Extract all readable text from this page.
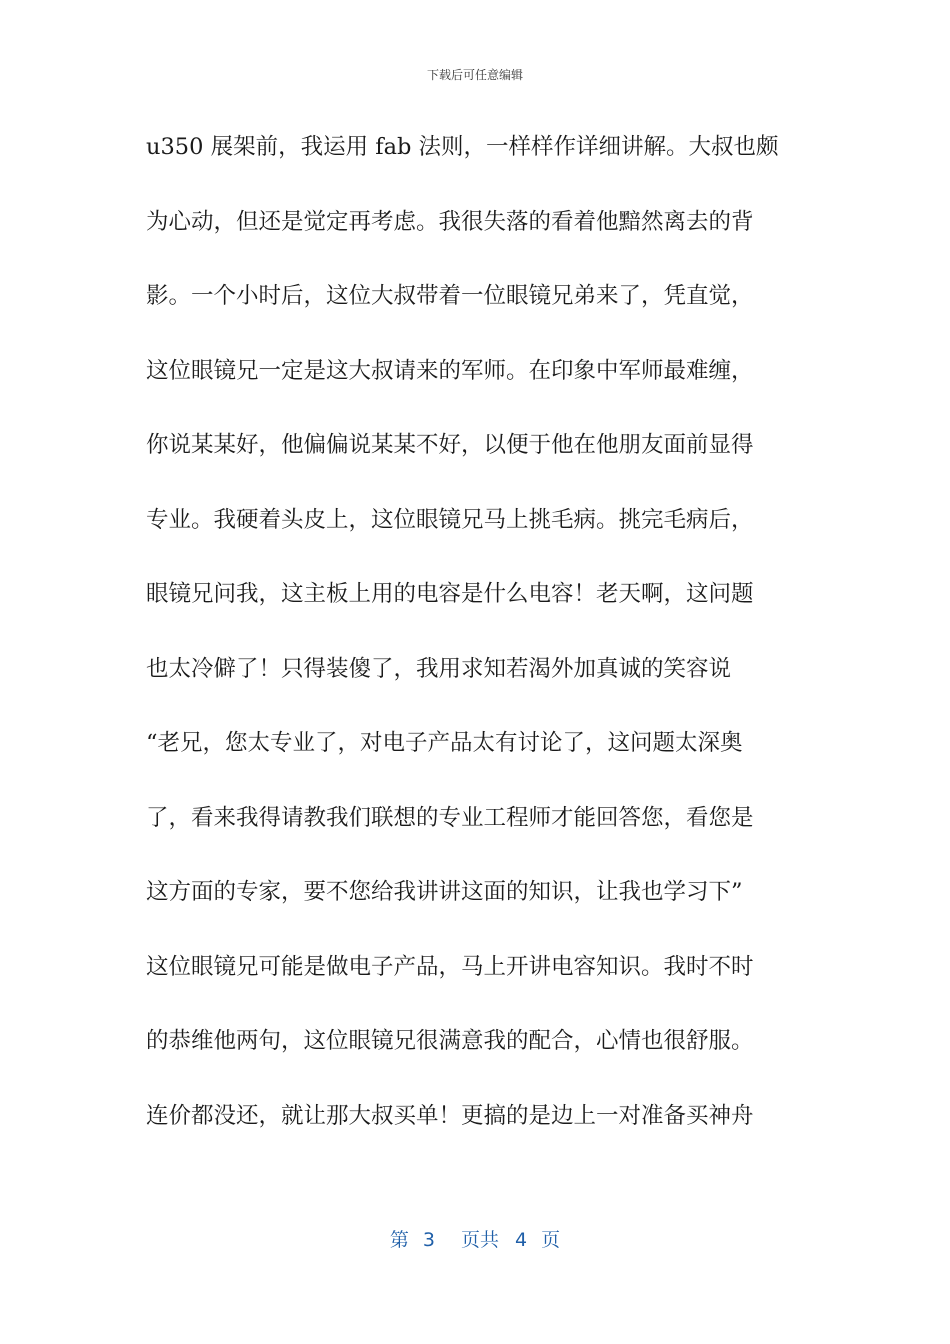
下载后可任意编辑
u350 展架前，我运用 fab 法则，一样样作详细讲解。大叔也颇
为心动，但还是觉定再考虑。我很失落的看着他黯然离去的背
影。一个小时后，这位大叔带着一位眼镜兄弟来了，凭直觉，
这位眼镜兄一定是这大叔请来的军师。在印象中军师最难缠，
你说某某好，他偏偏说某某不好，以便于他在他朋友面前显得
专业。我硬着头皮上，这位眼镜兄马上挑毛病。挑完毛病后，
眼镜兄问我，这主板上用的电容是什么电容！老天啊，这问题
也太冷僻了！只得装傻了，我用求知若渴外加真诚的笑容说
“老兄，您太专业了，对电子产品太有讨论了，这问题太深奥
了，看来我得请教我们联想的专业工程师才能回答您，看您是
这方面的专家，要不您给我讲讲这面的知识，让我也学习下”
这位眼镜兄可能是做电子产品，马上开讲电容知识。我时不时
的恭维他两句，这位眼镜兄很满意我的配合，心情也很舒服。
连价都没还，就让那大叔买单！更搞的是边上一对准备买神舟
第 3 页共 4 页
